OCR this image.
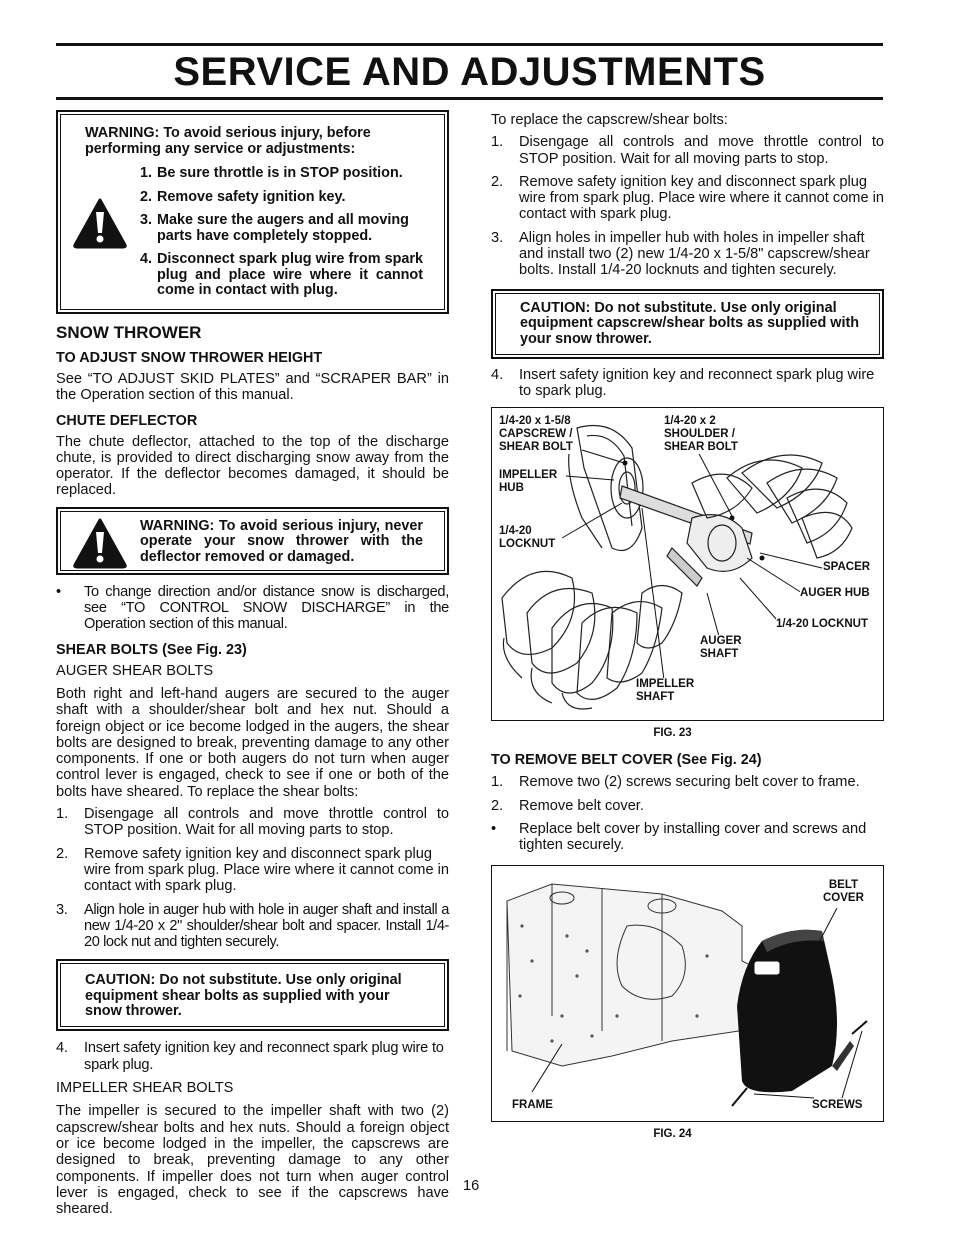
SERVICE AND ADJUSTMENTS
WARNING: To avoid serious injury, before performing any service or adjustments:
1. Be sure throttle is in STOP position.
2. Remove safety ignition key.
3. Make sure the augers and all moving parts have completely stopped.
4. Disconnect spark plug wire from spark plug and place wire where it cannot come in contact with plug.

SNOW THROWER

TO ADJUST SNOW THROWER HEIGHT

See “TO ADJUST SKID PLATES” and “SCRAPER BAR” in the Operation section of this manual.

CHUTE DEFLECTOR

The chute deflector, attached to the top of the discharge chute, is provided to direct discharging snow away from the operator. If the deflector becomes damaged, it should be replaced.

WARNING: To avoid serious injury, never operate your snow thrower with the deflector removed or damaged.
• To change direction and/or distance snow is discharged, see “TO CONTROL SNOW DISCHARGE” in the Operation section of this manual.

SHEAR BOLTS (See Fig. 23)

AUGER SHEAR BOLTS

Both right and left-hand augers are secured to the auger shaft with a shoulder/shear bolt and hex nut. Should a foreign object or ice become lodged in the augers, the shear bolts are designed to break, preventing damage to any other components. If one or both augers do not turn when auger control lever is engaged, check to see if one or both of the bolts have sheared. To replace the shear bolts:

1. Disengage all controls and move throttle control to STOP position. Wait for all moving parts to stop.
2. Remove safety ignition key and disconnect spark plug wire from spark plug. Place wire where it cannot come in contact with spark plug.
3. Align hole in auger hub with hole in auger shaft and install a new 1/4-20 x 2" shoulder/shear bolt and spacer. Install 1/4-20 lock nut and tighten securely.
CAUTION: Do not substitute. Use only original equipment shear bolts as supplied with your snow thrower.
4. Insert safety ignition key and reconnect spark plug wire to spark plug.

IMPELLER SHEAR BOLTS

The impeller is secured to the impeller shaft with two (2) capscrew/shear bolts and hex nuts. Should a foreign object or ice become lodged in the impeller, the capscrews are designed to break, preventing damage to any other components. If impeller does not turn when auger control lever is engaged, check to see if the capscrews have sheared.

To replace the capscrew/shear bolts:

1. Disengage all controls and move throttle control to STOP position. Wait for all moving parts to stop.
2. Remove safety ignition key and disconnect spark plug wire from spark plug. Place wire where it cannot come in contact with spark plug.
3. Align holes in impeller hub with holes in impeller shaft and install two (2) new 1/4-20 x 1-5/8" capscrew/shear bolts. Install 1/4-20 locknuts and tighten securely.
CAUTION: Do not substitute. Use only original equipment capscrew/shear bolts as supplied with your snow thrower.
4. Insert safety ignition key and reconnect spark plug wire to spark plug.
1/4-20 x 1-5/8
CAPSCREW /
SHEAR BOLT
1/4-20 x 2
SHOULDER /
SHEAR BOLT
IMPELLER
HUB
1/4-20
LOCKNUT
SPACER
AUGER HUB
1/4-20 LOCKNUT
AUGER
SHAFT
IMPELLER
SHAFT
FIG. 23

TO REMOVE BELT COVER (See Fig. 24)

1. Remove two (2) screws securing belt cover to frame.
2. Remove belt cover.
• Replace belt cover by installing cover and screws and tighten securely.
BELT
COVER
FRAME	SCREWS
FIG. 24
16
